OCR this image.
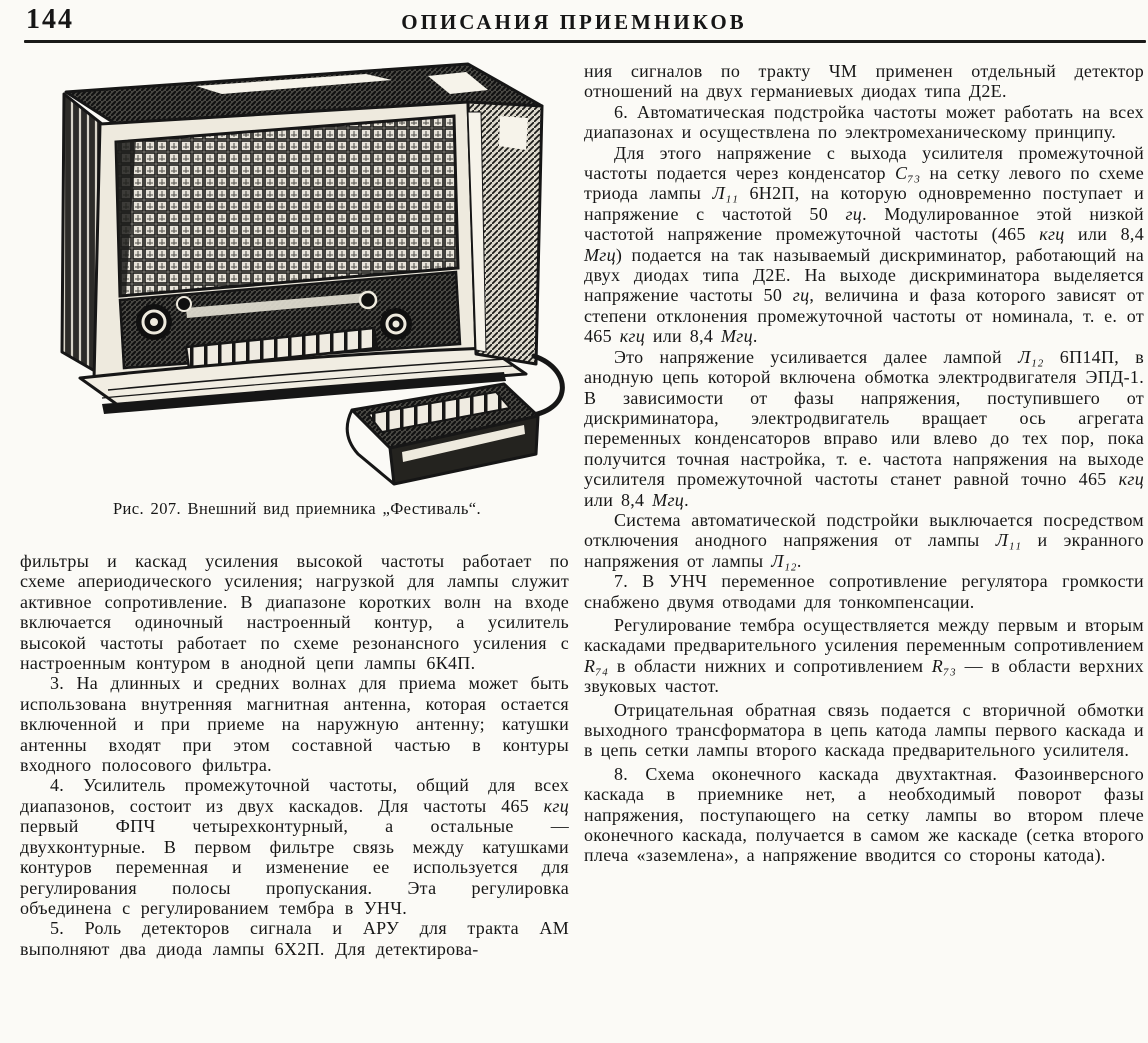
144	ОПИСАНИЯ ПРИЕМНИКОВ
Рис. 207. Внешний вид приемника „Фестиваль“.

фильтры и каскад усиления высокой частоты работает по схеме апериодического усиления; нагрузкой для лампы служит активное сопротивление. В диапазоне коротких волн на входе включается одиночный настроенный контур, а усилитель высокой частоты работает по схеме резонансного усиления с настроенным контуром в анодной цепи лампы 6К4П.

3. На длинных и средних волнах для приема может быть использована внутренняя магнитная антенна, которая остается включенной и при приеме на наружную антенну; катушки антенны входят при этом составной частью в контуры входного полосового фильтра.

4. Усилитель промежуточной частоты, общий для всех диапазонов, состоит из двух каскадов. Для частоты 465 кгц первый ФПЧ четырехконтурный, а остальные — двухконтурные. В первом фильтре связь между катушками контуров переменная и изменение ее используется для регулирования полосы пропускания. Эта регулировка объединена с регулированием тембра в УНЧ.

5. Роль детекторов сигнала и АРУ для тракта АМ выполняют два диода лампы 6Х2П. Для детектирова-

ния сигналов по тракту ЧМ применен отдельный детектор отношений на двух германиевых диодах типа Д2Е.

6. Автоматическая подстройка частоты может работать на всех диапазонах и осуществлена по электромеханическому принципу.

Для этого напряжение с выхода усилителя промежуточной частоты подается через конденсатор С₇₃ на сетку левого по схеме триода лампы Л₁₁ 6Н2П, на которую одновременно поступает и напряжение с частотой 50 гц. Модулированное этой низкой частотой напряжение промежуточной частоты (465 кгц или 8,4 Мгц) подается на так называемый дискриминатор, работающий на двух диодах типа Д2Е. На выходе дискриминатора выделяется напряжение частоты 50 гц, величина и фаза которого зависят от степени отклонения промежуточной частоты от номинала, т. е. от 465 кгц или 8,4 Мгц.

Это напряжение усиливается далее лампой Л₁₂ 6П14П, в анодную цепь которой включена обмотка электродвигателя ЭПД-1. В зависимости от фазы напряжения, поступившего от дискриминатора, электродвигатель вращает ось агрегата переменных конденсаторов вправо или влево до тех пор, пока получится точная настройка, т. е. частота напряжения на выходе усилителя промежуточной частоты станет равной точно 465 кгц или 8,4 Мгц.

Система автоматической подстройки выключается посредством отключения анодного напряжения от лампы Л₁₁ и экранного напряжения от лампы Л₁₂.

7. В УНЧ переменное сопротивление регулятора громкости снабжено двумя отводами для тонкомпенсации.

Регулирование тембра осуществляется между первым и вторым каскадами предварительного усиления переменным сопротивлением R₇₄ в области нижних и сопротивлением R₇₃ — в области верхних звуковых частот.

Отрицательная обратная связь подается с вторичной обмотки выходного трансформатора в цепь катода лампы первого каскада и в цепь сетки лампы второго каскада предварительного усилителя.

8. Схема оконечного каскада двухтактная. Фазоинверсного каскада в приемнике нет, а необходимый поворот фазы напряжения, поступающего на сетку лампы во втором плече оконечного каскада, получается в самом же каскаде (сетка второго плеча «заземлена», а напряжение вводится со стороны катода).
